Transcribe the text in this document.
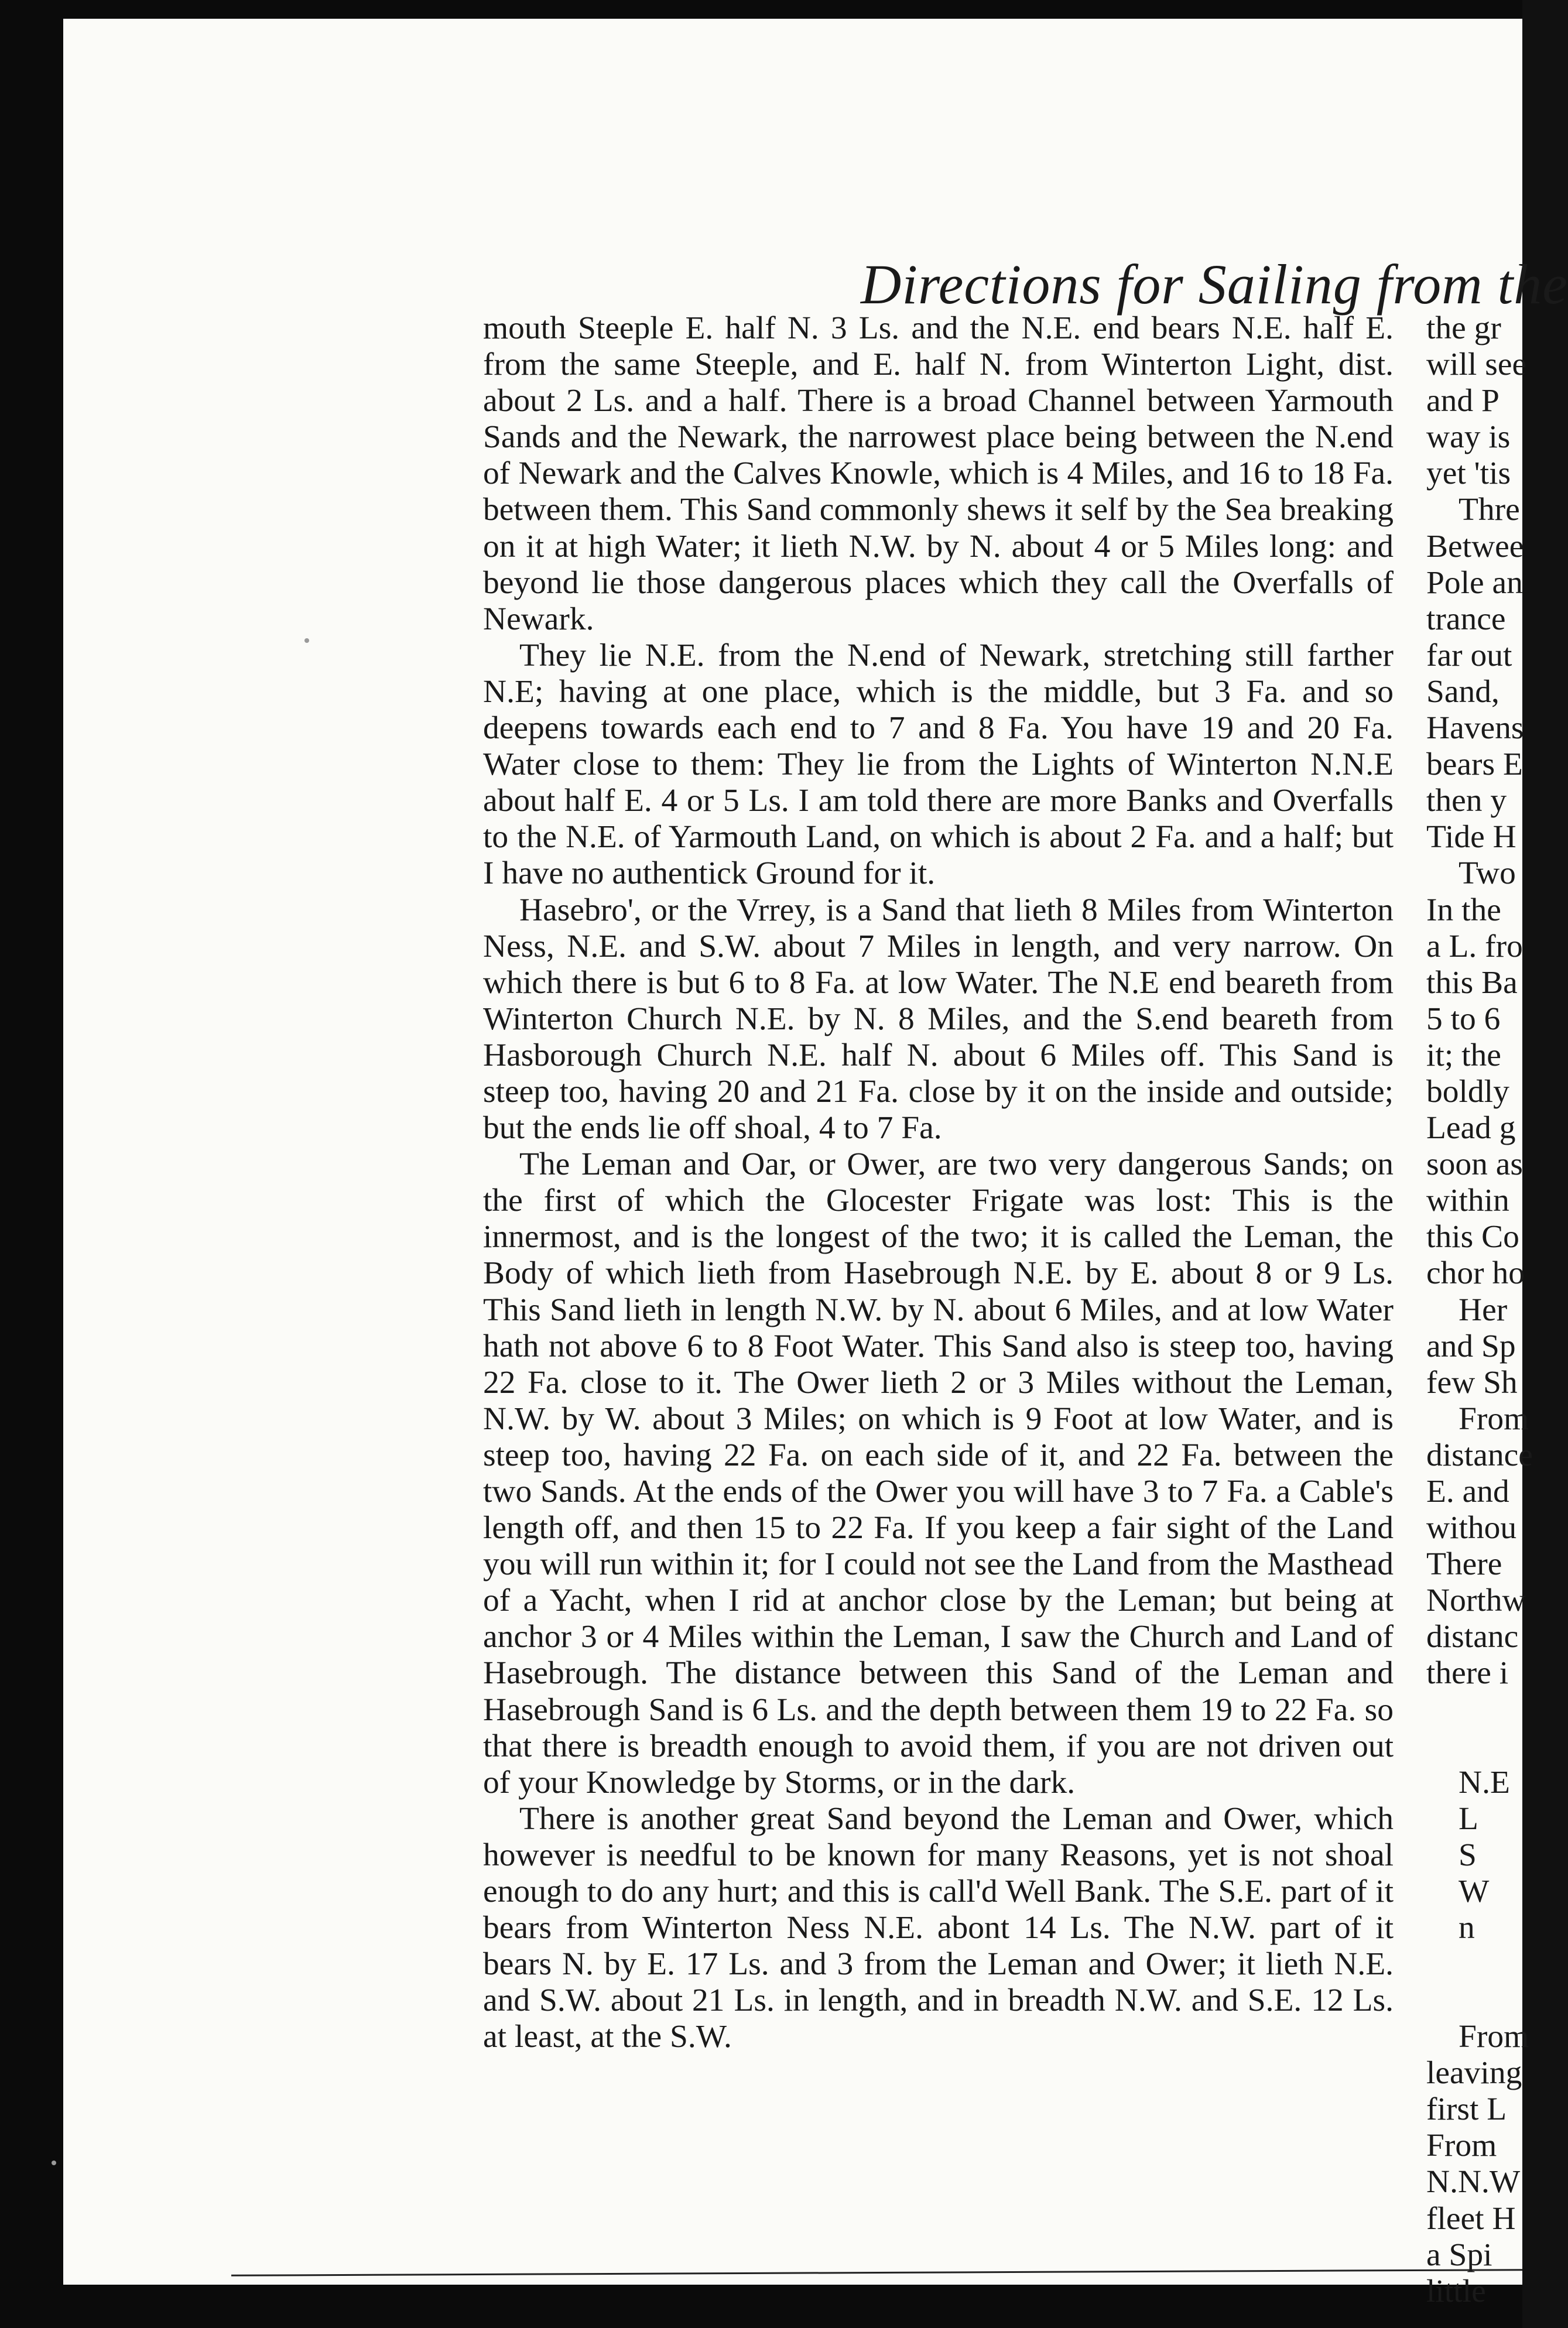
Directions for Sailing from the

mouth Steeple E. half N. 3 Ls. and the N.E. end bears N.E. half E. from the same Steeple, and E. half N. from Winterton Light, dist. about 2 Ls. and a half. There is a broad Channel between Yarmouth Sands and the Newark, the narrowest place being between the N.end of Newark and the Calves Knowle, which is 4 Miles, and 16 to 18 Fa. between them. This Sand commonly shews it self by the Sea breaking on it at high Water; it lieth N.W. by N. about 4 or 5 Miles long: and beyond lie those dangerous places which they call the Overfalls of Newark.

They lie N.E. from the N.end of Newark, stretching still farther N.E; having at one place, which is the middle, but 3 Fa. and so deepens towards each end to 7 and 8 Fa. You have 19 and 20 Fa. Water close to them: They lie from the Lights of Winterton N.N.E about half E. 4 or 5 Ls. I am told there are more Banks and Overfalls to the N.E. of Yarmouth Land, on which is about 2 Fa. and a half; but I have no authentick Ground for it.

Hasebro', or the Vrrey, is a Sand that lieth 8 Miles from Winterton Ness, N.E. and S.W. about 7 Miles in length, and very narrow. On which there is but 6 to 8 Fa. at low Water. The N.E end beareth from Winterton Church N.E. by N. 8 Miles, and the S.end beareth from Hasborough Church N.E. half N. about 6 Miles off. This Sand is steep too, having 20 and 21 Fa. close by it on the inside and outside; but the ends lie off shoal, 4 to 7 Fa.

The Leman and Oar, or Ower, are two very dangerous Sands; on the first of which the Glocester Frigate was lost: This is the innermost, and is the longest of the two; it is called the Leman, the Body of which lieth from Hasebrough N.E. by E. about 8 or 9 Ls. This Sand lieth in length N.W. by N. about 6 Miles, and at low Water hath not above 6 to 8 Foot Water. This Sand also is steep too, having 22 Fa. close to it. The Ower lieth 2 or 3 Miles without the Leman, N.W. by W. about 3 Miles; on which is 9 Foot at low Water, and is steep too, having 22 Fa. on each side of it, and 22 Fa. between the two Sands. At the ends of the Ower you will have 3 to 7 Fa. a Cable's length off, and then 15 to 22 Fa. If you keep a fair sight of the Land you will run within it; for I could not see the Land from the Masthead of a Yacht, when I rid at anchor close by the Leman; but being at anchor 3 or 4 Miles within the Leman, I saw the Church and Land of Hasebrough. The distance between this Sand of the Leman and Hasebrough Sand is 6 Ls. and the depth between them 19 to 22 Fa. so that there is breadth enough to avoid them, if you are not driven out of your Knowledge by Storms, or in the dark.

There is another great Sand beyond the Leman and Ower, which however is needful to be known for many Reasons, yet is not shoal enough to do any hurt; and this is call'd Well Bank. The S.E. part of it bears from Winterton Ness N.E. abont 14 Ls. The N.W. part of it bears N. by E. 17 Ls. and 3 from the Leman and Ower; it lieth N.E. and S.W. about 21 Ls. in length, and in breadth N.W. and S.E. 12 Ls. at least, at the S.W.

the gr
will see
and P
way is
yet 'tis
Thre
Betwee
Pole an
trance
far out
Sand,
Havens
bears E
then y
Tide H
Two
In the
a L. fro
this Ba
5 to 6
it; the
boldly
Lead g
soon as
within
this Co
chor ho
Her
and Sp
few Sh
From
distance
E. and
withou
There
Northw
distanc
there i
N.E
L
S
W
n
From
leaving
first L
From
N.N.W
fleet H
a Spi
little
